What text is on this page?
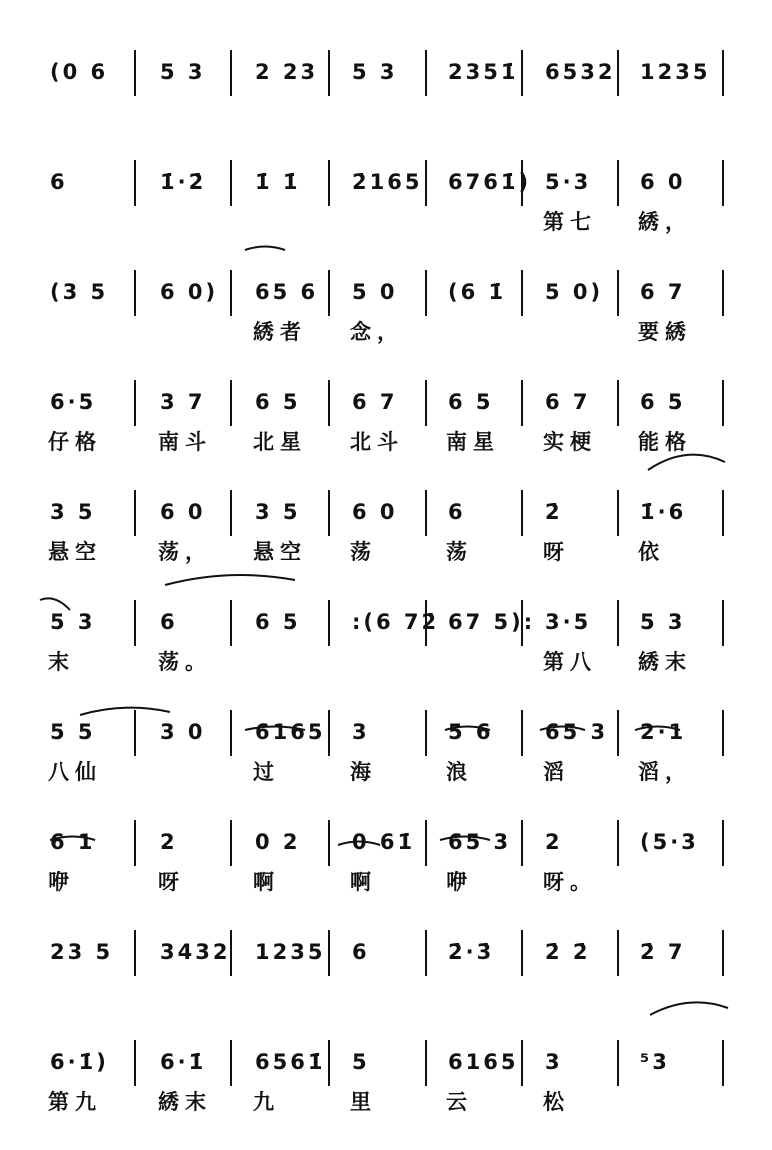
(0 6 5 3 2 23 5 3 2351̇ 6532 1235
6	1̇·2̇ 1̇ 1̇ 2̇165 6761̇) 5·3
第七
6 0
綉，
(3 5 6 0) 65 6
綉者
5 0
念，
(6 1̇ 5 0) 6 7
要綉
6·5
仔格
3 7
南斗
6 5
北星
6 7
北斗
6 5
南星
6 7
实梗
6 5
能格
3 5
悬空
6 0
荡，
3 5
悬空
6 0
荡
6
荡
2̇
呀
1̇·6
依
5 3
末
6
荡。
6 5 :(6 72̇ 67 5): 3·5
第八
5 3
綉末
5 5
八仙
3 0 6165
过
3
海
5 6
浪
65 3
滔
2·1
滔，
6 1
咿
2
呀
0 2
啊
0 61̇
啊
65 3
咿
2
呀。
(5·3
23 5 3432 1235 6	2̇·3̇ 2̇ 2̇ 2̇ 7
6·1̇)
第九
6·1̇
綉末
6561̇
九
5
里
6165
云
3
松
⁵3
